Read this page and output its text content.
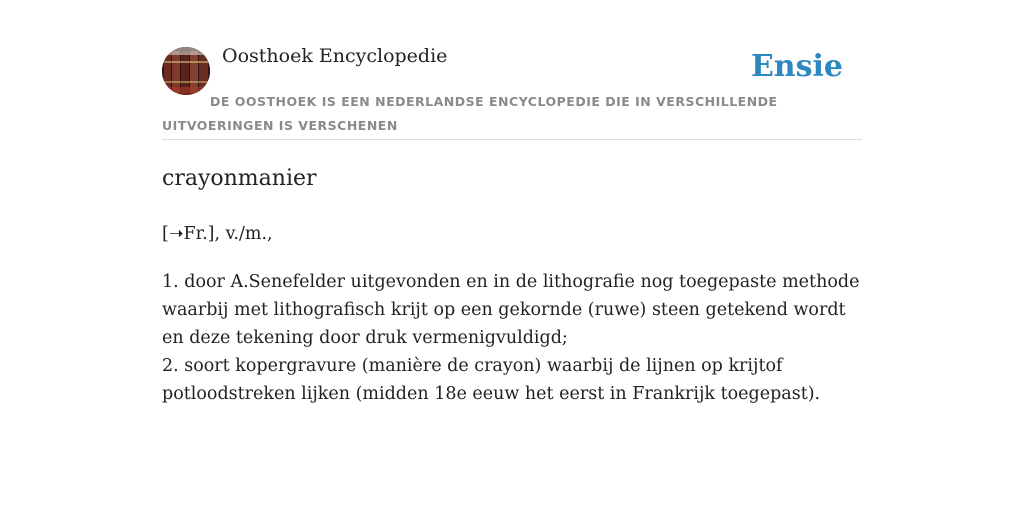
Oosthoek Encyclopedie	Ensie
DE OOSTHOEK IS EEN NEDERLANDSE ENCYCLOPEDIE DIE IN VERSCHILLENDE UITVOERINGEN IS VERSCHENEN
crayonmanier

[➝Fr.], v./m.,

1. door A.Senefelder uitgevonden en in de lithografie nog toegepaste methode waarbij met lithografisch krijt op een gekornde (ruwe) steen getekend wordt en deze tekening door druk vermenigvuldigd;
2. soort kopergravure (manière de crayon) waarbij de lijnen op krijtof potloodstreken lijken (midden 18e eeuw het eerst in Frankrijk toegepast).
